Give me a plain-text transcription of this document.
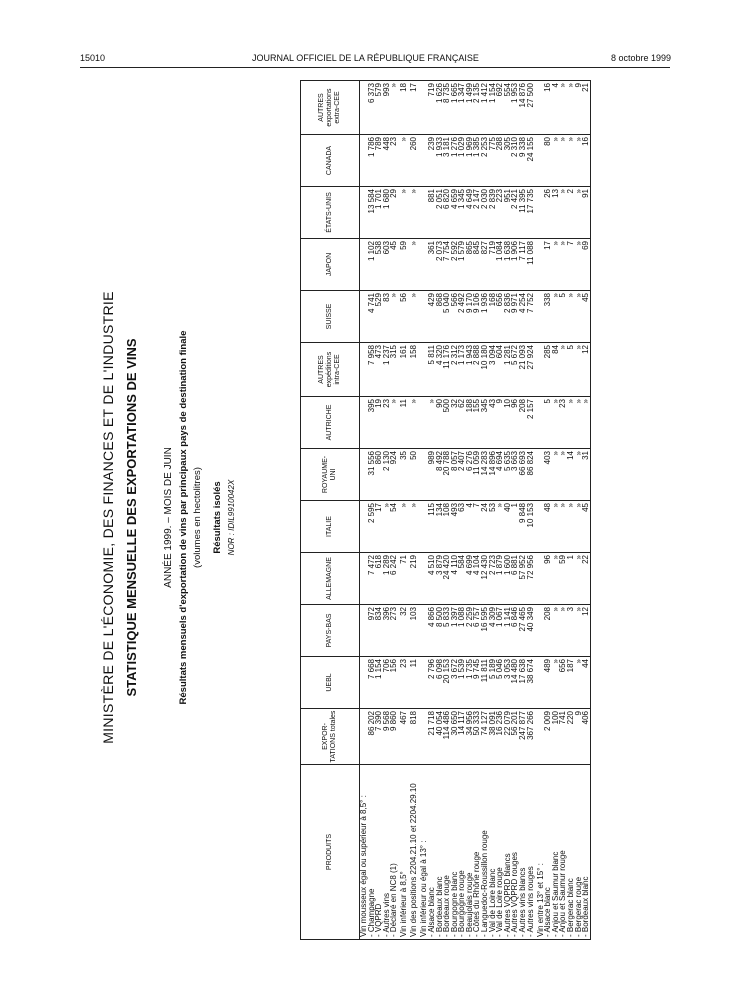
15010	JOURNAL OFFICIEL DE LA RÉPUBLIQUE FRANÇAISE	8 octobre 1999
MINISTÈRE DE L'ÉCONOMIE, DES FINANCES ET DE L'INDUSTRIE STATISTIQUE MENSUELLE DES EXPORTATIONS DE VINS ANNÉE 1999. – MOIS DE JUIN Résultats mensuels d'exportation de vins par principaux pays de destination finale (volumes en hectolitres) Résultats isolés NOR : IDIL9910042X
PRODUITS	EXPOR-TATIONS totales	UEBL	PAYS-BAS	ALLEMAGNE	ITALIE	ROYAUME-UNI	AUTRICHE	AUTRES expéditions intra-CEE	SUISSE	JAPON	ÉTATS-UNIS	CANADA	AUTRES exportations extra-CEE
Vin mousseux égal ou supérieur à 8,5° :													
- Champagne	86 202	7 668	972	7 472	2 595	31 556	395	7 958	4 741	1 102	13 584	1 786	6 373
- VQPRD	7 390	1 154	834	618	17	860	19	473	529	538	1 701	789	579
- Autres vins	9 568	706	396	1 289	»	2 130	23	1 237	83	603	1 680	448	993
- Déclaré en NC8 (1)	9 860	156	273	6 242	54	924	»	315	»	45	29	23	»

Vin inférieur à 8,5°	467	23	32	71	»	35	11	161	56	59	»	»	18

Vin des positions 2204.21.10 et 2204.29.10	818	11	103	219	»	50	»	158	»	»	»	260	17

Vin inférieur ou égal à 13° :													
- Alsace blanc	21 718	2 796	4 866	4 510	115	989	»	5 811	429	361	881	239	719
- Bordeaux blanc	40 054	6 098	8 500	3 879	134	8 492	90	4 320	868	2 073	2 051	1 933	1 626
- Bordeaux rouge	114 486	20 153	5 833	24 420	108	20 788	500	11 176	5 040	7 754	6 820	3 181	8 735
- Bourgogne blanc	30 650	3 672	1 397	4 110	493	8 057	32	2 312	566	2 592	4 659	1 276	1 665
- Bourgogne rouge	14 117	1 539	1 088	584	63	2 407	62	1 173	2 492	1 579	1 345	1 029	1 347
- Beaujolais rouge	34 956	1 735	2 259	4 699	4	6 276	188	1 943	9 170	865	4 649	1 969	1 499
- Côtes du Rhône rouge	50 333	9 745	6 757	4 104	7	11 059	155	2 888	9 106	845	2 147	1 385	2 135
- Languedoc-Roussillon rouge	74 127	11 811	16 595	12 430	24	14 283	345	10 180	1 936	827	2 030	2 253	1 412
- Val de Loire blanc	38 091	5 189	4 309	2 723	53	14 896	43	3 094	168	719	2 839	775	1 154
- Val de Loire rouge	16 236	5 046	1 067	1 879	»	4 694	9	604	656	1 084	223	288	692
- Autres VQPRD blancs	22 079	3 053	1 141	1 600	40	5 635	10	1 281	2 836	1 638	951	305	554
- Autres VQPRD rouges	56 201	14 480	6 846	6 881	1	3 663	96	5 672	9 971	1 906	2 421	2 310	1 953
- Autres vins blancs	247 877	17 638	27 465	57 952	9 848	66 693	208	21 093	4 254	7 117	11 395	9 338	14 876
- Autres vins rouges	367 266	38 674	40 349	72 956	10 153	86 824	2 157	27 924	7 752	11 088	17 735	24 155	27 500

Vin entre 13° et 15° :													
- Alsace blanc	2 009	489	208	96	48	403	5	285	338	17	26	80	16
- Anjou et Saumur blanc	100	»	»	»	»	»	»	84	»	»	13	»	4
- Anjou et Saumur rouge	741	656	»	59	»	»	23	»	5	»	»	»	»
- Bergerac blanc	220	187	3	1	»	14	»	5	»	7	2	»	»
- Bergerac rouge	9	»	»	»	»	»	»	»	»	»	»	»	9
- Bordeaux blanc	406	44	12	22	45	31	»	12	45	69	91	16	21
